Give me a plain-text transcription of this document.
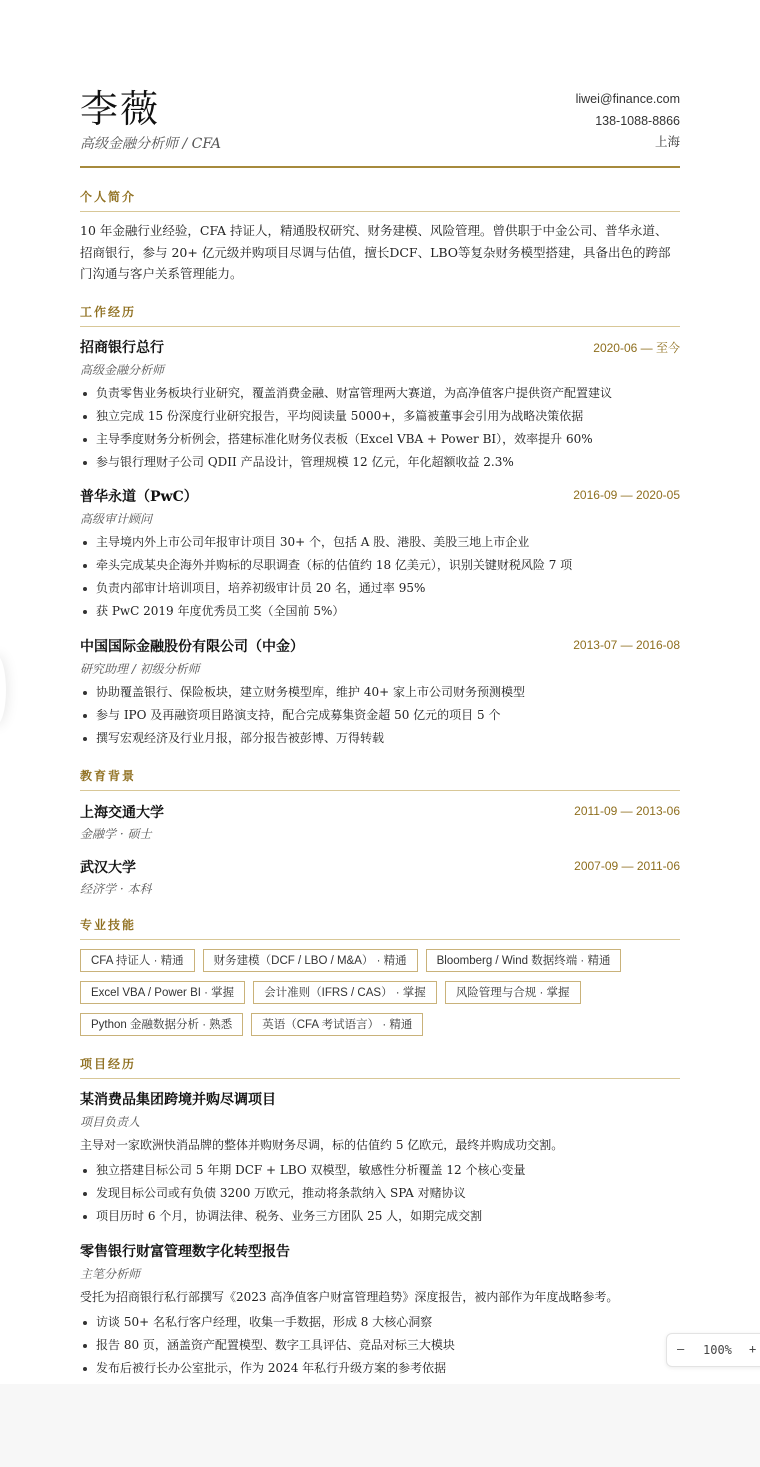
李薇
高级金融分析师 / CFA
liwei@finance.com
138-1088-8866
上海
个人简介
10 年金融行业经验，CFA 持证人，精通股权研究、财务建模、风险管理。曾供职于中金公司、普华永道、
招商银行，参与 20+ 亿元级并购项目尽调与估值，擅长DCF、LBO等复杂财务模型搭建，具备出色的跨部
门沟通与客户关系管理能力。
工作经历
招商银行总行	2020-06 — 至今
高级金融分析师
负责零售业务板块行业研究，覆盖消费金融、财富管理两大赛道，为高净值客户提供资产配置建议
独立完成 15 份深度行业研究报告，平均阅读量 5000+，多篇被董事会引用为战略决策依据
主导季度财务分析例会，搭建标准化财务仪表板（Excel VBA + Power BI），效率提升 60%
参与银行理财子公司 QDII 产品设计，管理规模 12 亿元，年化超额收益 2.3%
普华永道（PwC）	2016-09 — 2020-05
高级审计顾问
主导境内外上市公司年报审计项目 30+ 个，包括 A 股、港股、美股三地上市企业
牵头完成某央企海外并购标的尽职调查（标的估值约 18 亿美元），识别关键财税风险 7 项
负责内部审计培训项目，培养初级审计员 20 名，通过率 95%
获 PwC 2019 年度优秀员工奖（全国前 5%）
中国国际金融股份有限公司（中金）	2013-07 — 2016-08
研究助理 / 初级分析师
协助覆盖银行、保险板块，建立财务模型库，维护 40+ 家上市公司财务预测模型
参与 IPO 及再融资项目路演支持，配合完成募集资金超 50 亿元的项目 5 个
撰写宏观经济及行业月报，部分报告被彭博、万得转载
教育背景
上海交通大学	2011-09 — 2013-06
金融学 · 硕士
武汉大学	2007-09 — 2011-06
经济学 · 本科
专业技能
CFA 持证人 · 精通	财务建模（DCF / LBO / M&A） · 精通	Bloomberg / Wind 数据终端 · 精通
Excel VBA / Power BI · 掌握	会计准则（IFRS / CAS） · 掌握	风险管理与合规 · 掌握
Python 金融数据分析 · 熟悉	英语（CFA 考试语言） · 精通
项目经历
某消费品集团跨境并购尽调项目
项目负责人
主导对一家欧洲快消品牌的整体并购财务尽调，标的估值约 5 亿欧元，最终并购成功交割。
独立搭建目标公司 5 年期 DCF + LBO 双模型，敏感性分析覆盖 12 个核心变量
发现目标公司或有负债 3200 万欧元，推动将条款纳入 SPA 对赌协议
项目历时 6 个月，协调法律、税务、业务三方团队 25 人，如期完成交割
零售银行财富管理数字化转型报告
主笔分析师
受托为招商银行私行部撰写《2023 高净值客户财富管理趋势》深度报告，被内部作为年度战略参考。
访谈 50+ 名私行客户经理，收集一手数据，形成 8 大核心洞察
报告 80 页，涵盖资产配置模型、数字工具评估、竞品对标三大模块
发布后被行长办公室批示，作为 2024 年私行升级方案的参考依据
— 100% +
